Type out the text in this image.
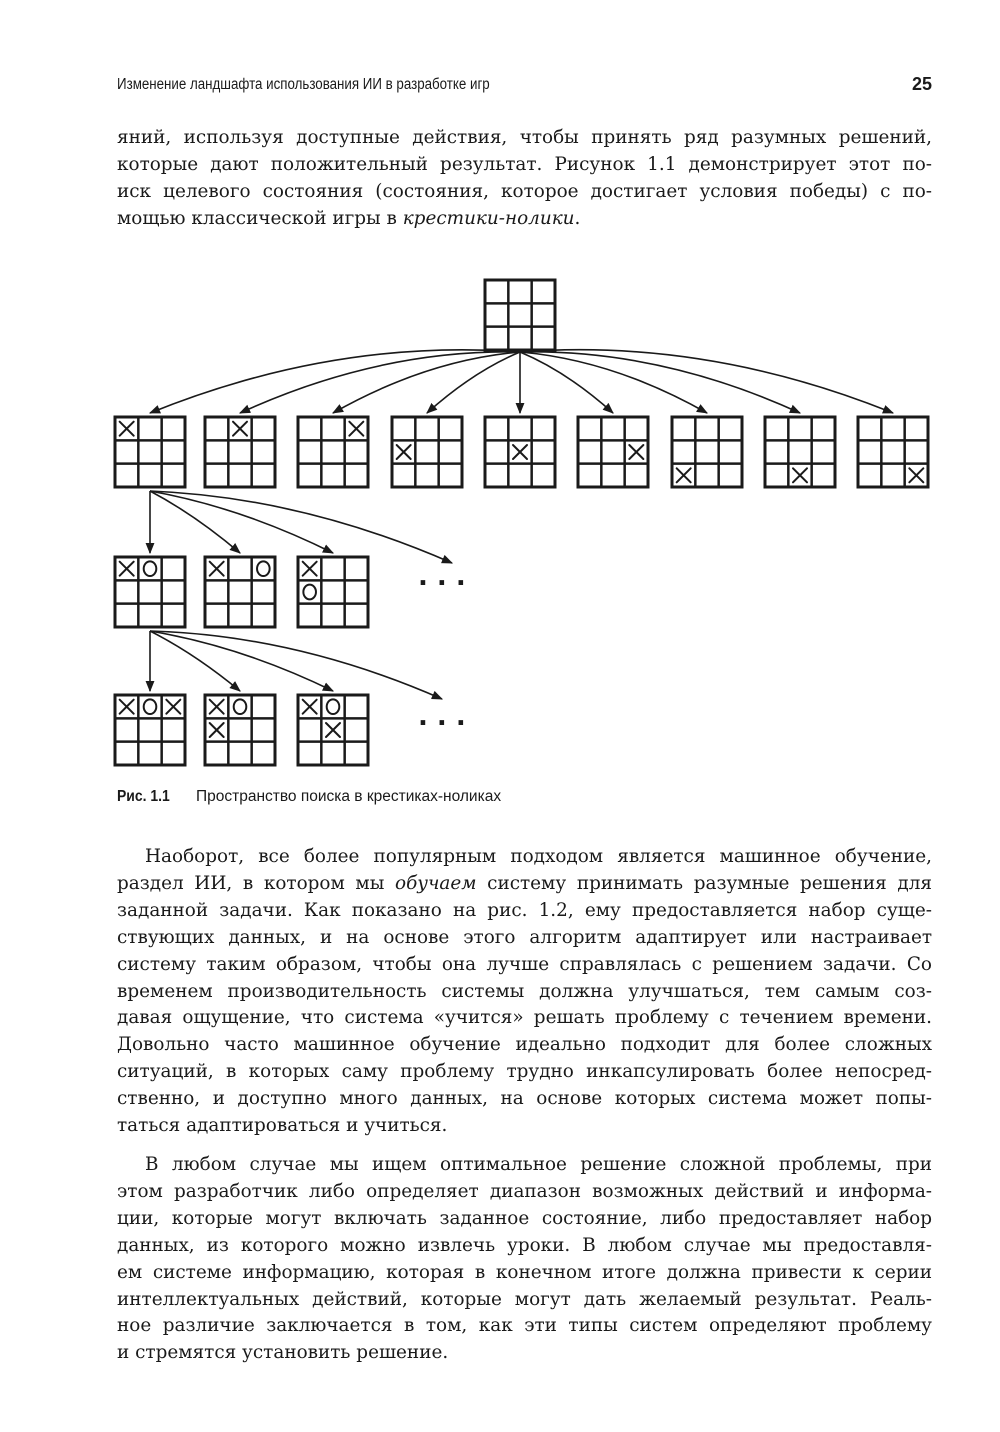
Изменение ландшафта использования ИИ в разработке игр	25

яний, используя доступные действия, чтобы принять ряд разумных решений,
которые дают положительный результат. Рисунок 1.1 демонстрирует этот по-
иск целевого состояния (состояния, которое достигает условия победы) с по-
мощью классической игры в крестики-нолики.

. . .
. . .
Рис. 1.1 Пространство поиска в крестиках-ноликах

Наоборот, все более популярным подходом является машинное обучение,
раздел ИИ, в котором мы обучаем систему принимать разумные решения для
заданной задачи. Как показано на рис. 1.2, ему предоставляется набор суще-
ствующих данных, и на основе этого алгоритм адаптирует или настраивает
систему таким образом, чтобы она лучше справлялась с решением задачи. Со
временем производительность системы должна улучшаться, тем самым соз-
давая ощущение, что система «учится» решать проблему с течением времени.
Довольно часто машинное обучение идеально подходит для более сложных
ситуаций, в которых саму проблему трудно инкапсулировать более непосред-
ственно, и доступно много данных, на основе которых система может попы-
таться адаптироваться и учиться.

В любом случае мы ищем оптимальное решение сложной проблемы, при
этом разработчик либо определяет диапазон возможных действий и информа-
ции, которые могут включать заданное состояние, либо предоставляет набор
данных, из которого можно извлечь уроки. В любом случае мы предоставля-
ем системе информацию, которая в конечном итоге должна привести к серии
интеллектуальных действий, которые могут дать желаемый результат. Реаль-
ное различие заключается в том, как эти типы систем определяют проблему
и стремятся установить решение.
